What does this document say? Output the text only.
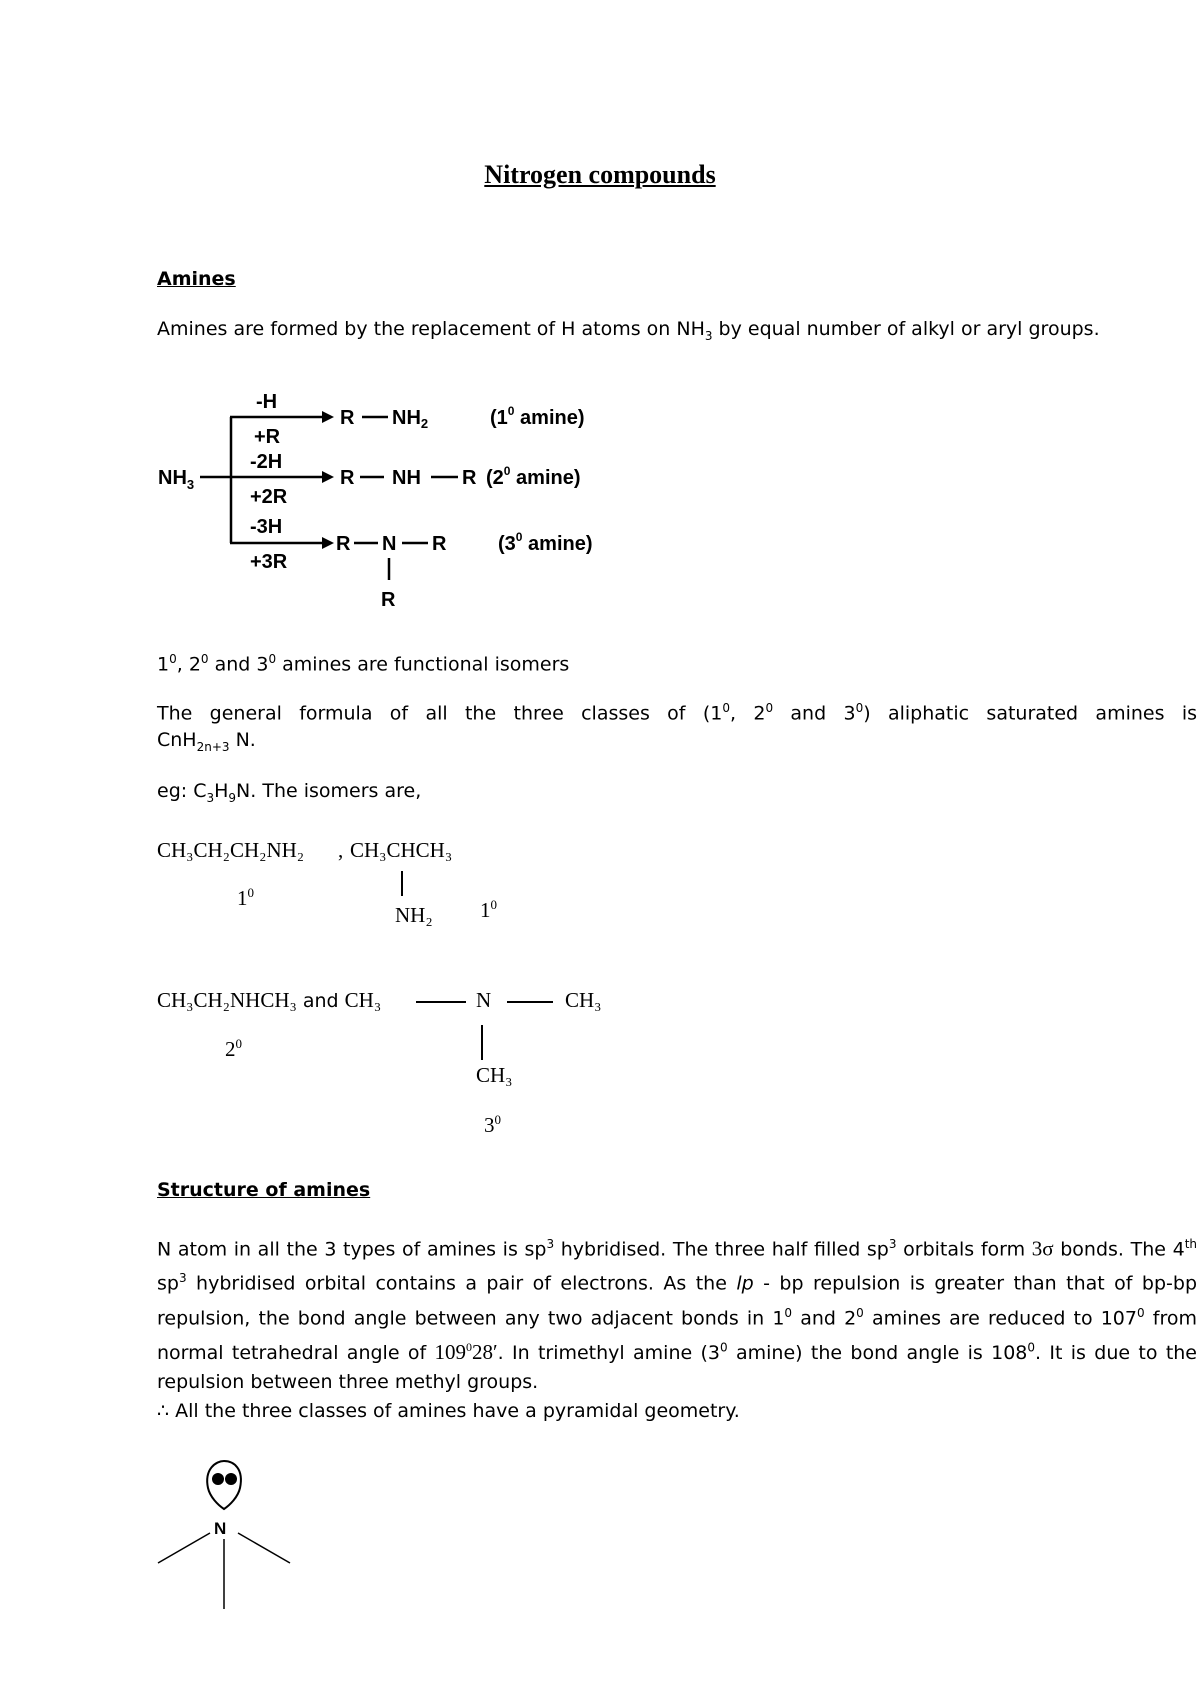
Nitrogen compounds
Amines
Amines are formed by the replacement of H atoms on $NH_3$ by equal number of alkyl or aryl groups.
$NH_3$
-H
+R
-2H
+2R
-3H
+3R
R $NH_2$	($1^0$ amine)
R NH R ($2^0$ amine)
R N R
R
($3^0$ amine)
$1^0$, $2^0$ and $3^0$ amines are functional isomers
The general formula of all the three classes of ($1^0$, $2^0$ and $3^0$) aliphatic saturated amines is
CnH$_{2n+3}$ N.
eg: $C_3H_9N$. The isomers are,
CH₃CH₂CH₂NH₂ , CH₃CHCH₃
NH₂
$1^0$
$1^0$
CH₃CH₂NHCH₃ and CH₃	N	CH₃
CH₃
$2^0$
$3^0$
Structure of amines
N atom in all the 3 types of amines is $sp^3$ hybridised. The three half filled $sp^3$ orbitals form 3σ bonds. The 4th $sp^3$ hybridised orbital contains a pair of electrons. As the lp - bp repulsion is greater than that of bp-bp repulsion, the bond angle between any two adjacent bonds in $1^0$ and $2^0$ amines are reduced to $107^0$ from normal tetrahedral angle of $109^028'$. In trimethyl amine ($3^0$ amine) the bond angle is $108^0$. It is due to the repulsion between three methyl groups.
∴ All the three classes of amines have a pyramidal geometry.
N
